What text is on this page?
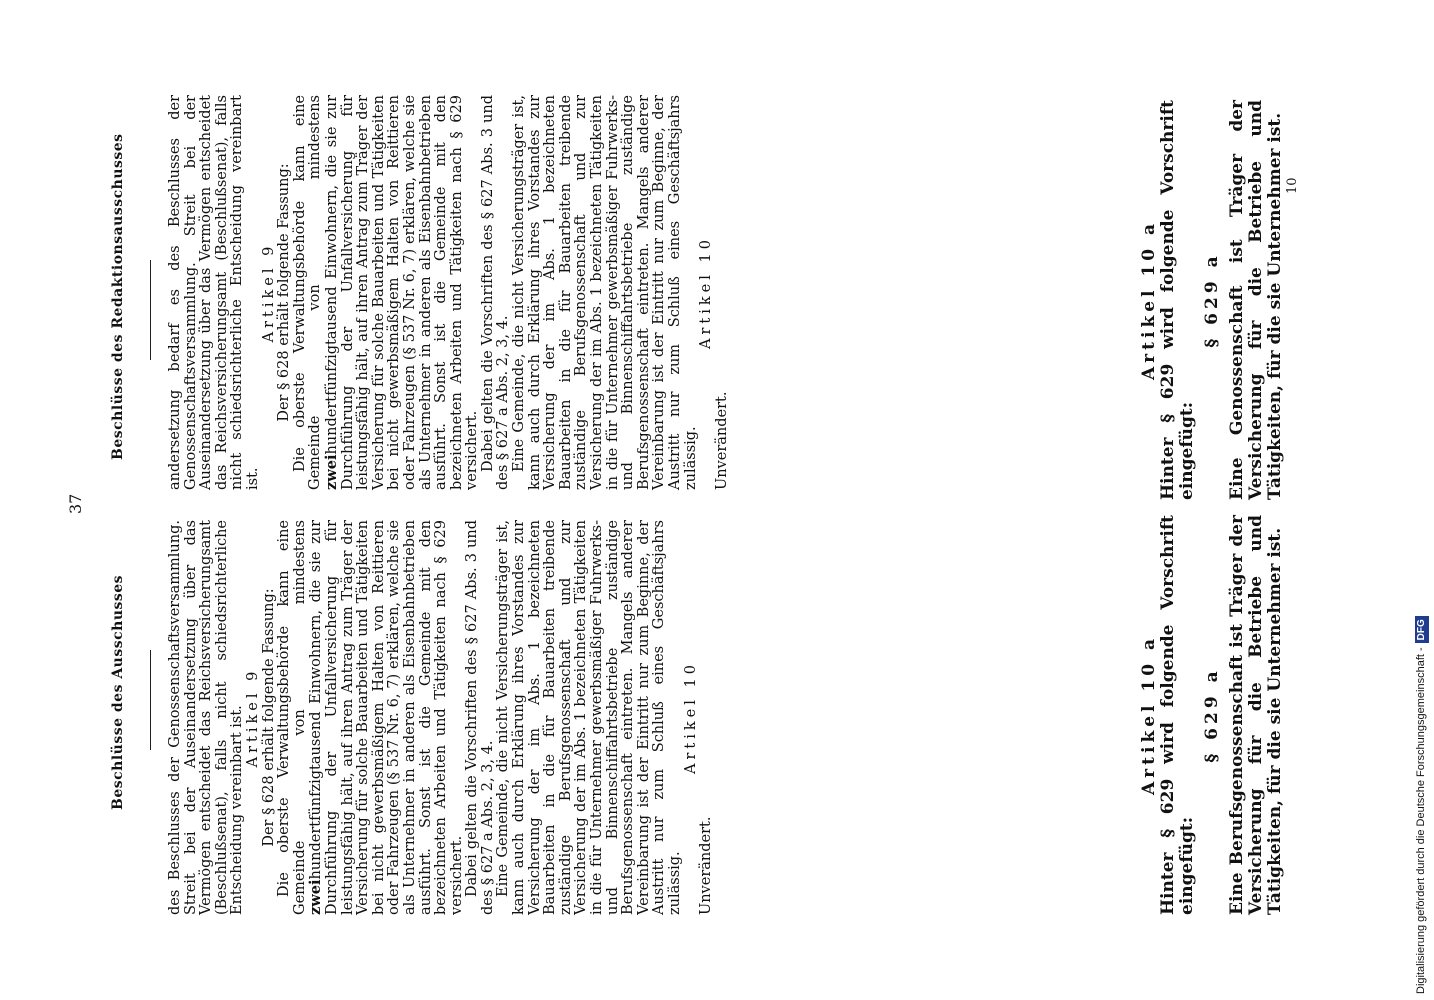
37
Beschlüsse des Ausschusses	des Beschlusses der Genossenschaftsversammlung. Streit bei der Auseinandersetzung über das Vermögen entscheidet das Reichsversicherungsamt (Beschlußsenat), falls nicht schiedsrichterliche Entscheidung vereinbart ist. Artikel 9 Der § 628 erhält folgende Fassung: Die oberste Verwaltungsbehörde kann eine Gemeinde von mindestens zweihundertfünfzigtausend Einwohnern, die sie zur Durchführung der Unfallversicherung für leistungsfähig hält, auf ihren Antrag zum Träger der Versicherung für solche Bauarbeiten und Tätigkeiten bei nicht gewerbsmäßigem Halten von Reittieren oder Fahrzeugen (§ 537 Nr. 6, 7) erklären, welche sie als Unternehmer in anderen als Eisenbahnbetrieben ausführt. Sonst ist die Gemeinde mit den bezeichneten Arbeiten und Tätigkeiten nach § 629 versichert. Dabei gelten die Vorschriften des § 627 Abs. 3 und des § 627 a Abs. 2, 3, 4. Eine Gemeinde, die nicht Versicherungsträger ist, kann auch durch Erklärung ihres Vorstandes zur Versicherung der im Abs. 1 bezeichneten Bauarbeiten in die für Bauarbeiten treibende zuständige Berufsgenossenschaft und zur Versicherung der im Abs. 1 bezeichneten Tätigkeiten in die für Unternehmer gewerbsmäßiger Fuhrwerks- und Binnenschiffahrtsbetriebe zuständige Berufsgenossenschaft eintreten. Mangels anderer Vereinbarung ist der Eintritt nur zum Beginne, der Austritt nur zum Schluß eines Geschäftsjahrs zulässig.

Artikel 10

Unverändert.

Beschlüsse des Redaktionsausschusses	andersetzung bedarf es des Beschlusses der Genossenschaftsversammlung. Streit bei der Auseinandersetzung über das Vermögen entscheidet das Reichsversicherungsamt (Beschlußsenat), falls nicht schiedsrichterliche Entscheidung vereinbart ist.

Artikel 9 Der § 628 erhält folgende Fassung: Die oberste Verwaltungsbehörde kann eine Gemeinde von mindestens zweihundertfünfzigtausend Einwohnern, die sie zur Durchführung der Unfallversicherung für leistungsfähig hält, auf ihren Antrag zum Träger der Versicherung für solche Bauarbeiten und Tätigkeiten bei nicht gewerbsmäßigem Halten von Reittieren oder Fahrzeugen (§ 537 Nr. 6, 7) erklären, welche sie als Unternehmer in anderen als Eisenbahnbetrieben ausführt. Sonst ist die Gemeinde mit den bezeichneten Arbeiten und Tätigkeiten nach § 629 versichert. Dabei gelten die Vorschriften des § 627 Abs. 3 und des § 627 a Abs. 2, 3, 4. Eine Gemeinde, die nicht Versicherungsträger ist, kann auch durch Erklärung ihres Vorstandes zur Versicherung der im Abs. 1 bezeichneten Bauarbeiten in die für Bauarbeiten treibende zuständige Berufsgenossenschaft und zur Versicherung der im Abs. 1 bezeichneten Tätigkeiten in die für Unternehmer gewerbsmäßiger Fuhrwerks- und Binnenschiffahrtsbetriebe zuständige Berufsgenossenschaft eintreten. Mangels anderer Vereinbarung ist der Eintritt nur zum Beginne, der Austritt nur zum Schluß eines Geschäftsjahrs zulässig.

Artikel 10

Unverändert.

Artikel 10 a Hinter § 629 wird folgende Vorschrift eingefügt:
§ 629 a Eine Berufsgenossenschaft ist Träger der Versicherung für die Betriebe und Tätigkeiten, für die sie Unternehmer ist.
Artikel 10 a Hinter § 629 wird folgende Vorschrift eingefügt:
§ 629 a Eine Genossenschaft ist Träger der Versicherung für die Betriebe und Tätigkeiten, für die sie Unternehmer ist. 10
Digitalisierung gefördert durch die Deutsche Forschungsgemeinschaft -DFG
